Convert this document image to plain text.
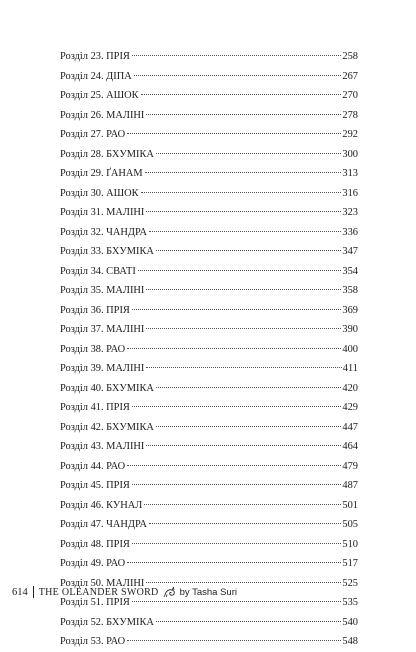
Розділ 23. ПРІЯ	258
Розділ 24. ДІПА	267
Розділ 25. АШОК	270
Розділ 26. МАЛІНІ	278
Розділ 27. РАО	292
Розділ 28. БХУМІКА	300
Розділ 29. ҐАНАМ	313
Розділ 30. АШОК	316
Розділ 31. МАЛІНІ	323
Розділ 32. ЧАНДРА	336
Розділ 33. БХУМІКА	347
Розділ 34. СВАТІ	354
Розділ 35. МАЛІНІ	358
Розділ 36. ПРІЯ	369
Розділ 37. МАЛІНІ	390
Розділ 38. РАО	400
Розділ 39. МАЛІНІ	411
Розділ 40. БХУМІКА	420
Розділ 41. ПРІЯ	429
Розділ 42. БХУМІКА	447
Розділ 43. МАЛІНІ	464
Розділ 44. РАО	479
Розділ 45. ПРІЯ	487
Розділ 46. КУНАЛ	501
Розділ 47. ЧАНДРА	505
Розділ 48. ПРІЯ	510
Розділ 49. РАО	517
Розділ 50. МАЛІНІ	525
Розділ 51. ПРІЯ	535
Розділ 52. БХУМІКА	540
Розділ 53. РАО	548
614 THE OLEANDER SWORD by Tasha Suri
